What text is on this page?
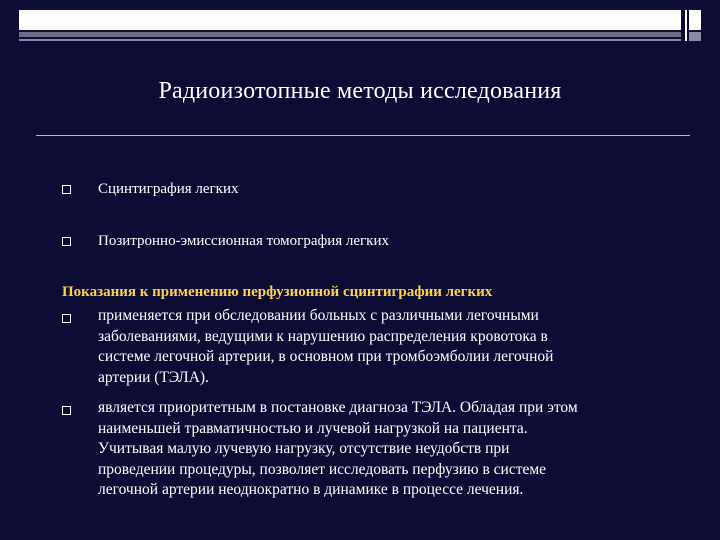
Радиоизотопные методы исследования
Сцинтиграфия легких
Позитронно-эмиссионная томография легких
Показания к применению перфузионной сцинтиграфии легких
применяется при обследовании больных с различными легочными
заболеваниями, ведущими к нарушению распределения кровотока в
системе легочной артерии, в основном при тромбоэмболии легочной
артерии (ТЭЛА).
является приоритетным в постановке диагноза ТЭЛА. Обладая при этом
наименьшей травматичностью и лучевой нагрузкой на пациента.
Учитывая малую лучевую нагрузку, отсутствие неудобств при
проведении процедуры, позволяет исследовать перфузию в системе
легочной артерии неоднократно в динамике в процессе лечения.
